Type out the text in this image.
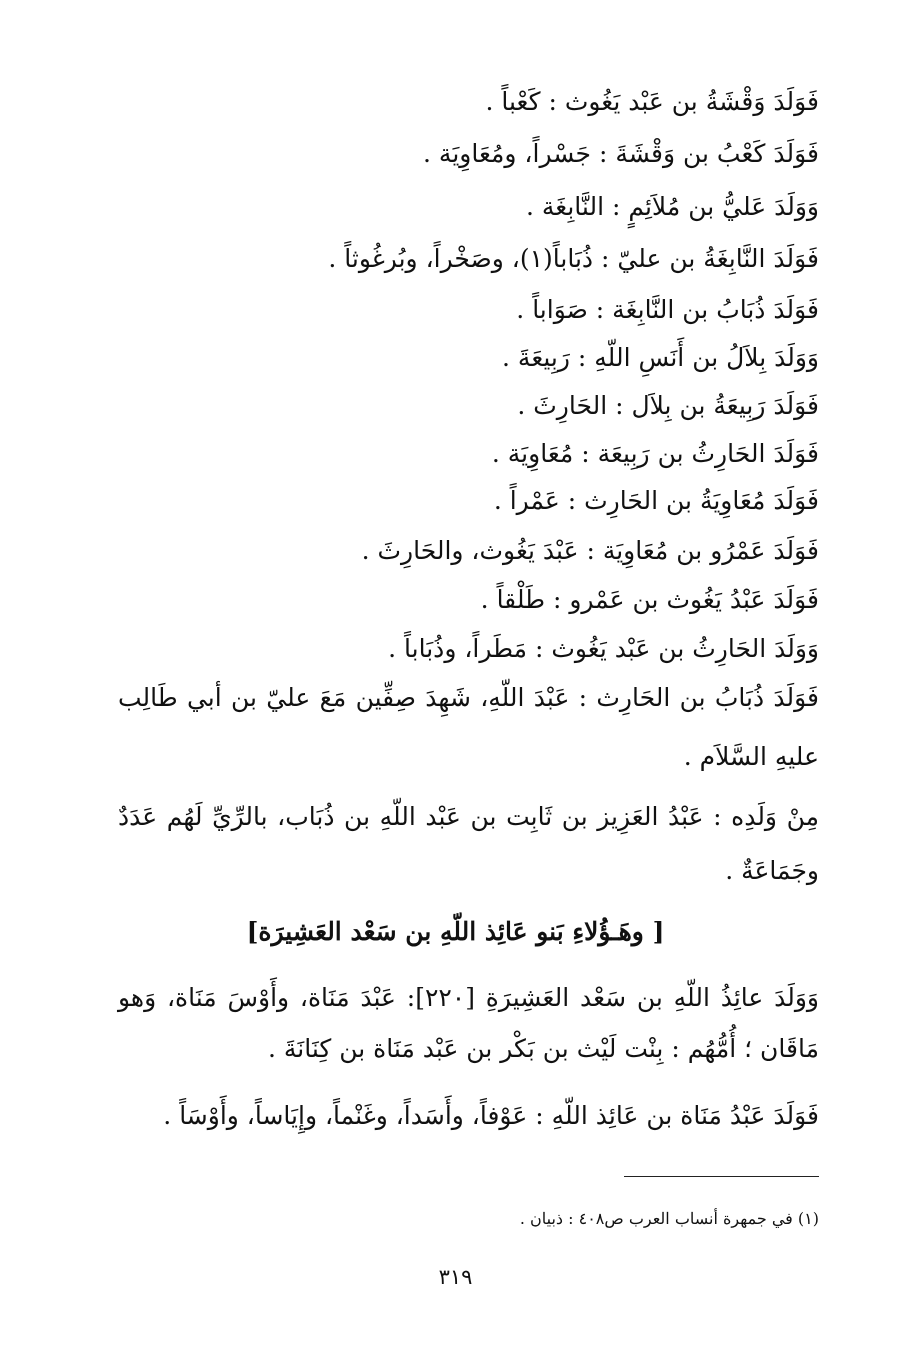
فَوَلَدَ وَقْشَةُ بن عَبْد يَغُوث : كَعْباً .
فَوَلَدَ كَعْبُ بن وَقْشَةَ : جَسْراً، ومُعَاوِيَة .
وَوَلَدَ عَليُّ بن مُلاَئِمٍ : النَّابِغَة .
فَوَلَدَ النَّابِغَةُ بن عليّ : ذُبَاباً(١)، وصَخْراً، وبُرغُوثاً .
فَوَلَدَ ذُبَابُ بن النَّابِغَة : صَوَاباً .
وَوَلَدَ بِلاَلُ بن أَنَسِ اللّهِ : رَبِيعَةَ .
فَوَلَدَ رَبِيعَةُ بن بِلاَل : الحَارِثَ .
فَوَلَدَ الحَارِثُ بن رَبِيعَة : مُعَاوِيَة .
فَوَلَدَ مُعَاوِيَةُ بن الحَارِث : عَمْراً .
فَوَلَدَ عَمْرُو بن مُعَاوِيَة : عَبْدَ يَغُوث، والحَارِثَ .
فَوَلَدَ عَبْدُ يَغُوث بن عَمْرو : طَلْقاً .
وَوَلَدَ الحَارِثُ بن عَبْد يَغُوث : مَطَراً، وذُبَاباً .
فَوَلَدَ ذُبَابُ بن الحَارِث : عَبْدَ اللّهِ، شَهِدَ صِفِّين مَعَ عليّ بن أبي طَالِب
عليهِ السَّلاَم .
مِنْ وَلَدِه : عَبْدُ العَزِيز بن ثَابِت بن عَبْد اللّهِ بن ذُبَاب، بالرِّيِّ لَهُم عَدَدٌ
وجَمَاعَةٌ .
[ وهَـؤُلاءِ بَنو عَائِذ اللّهِ بن سَعْد العَشِيرَة]
وَوَلَدَ عائِذُ اللّهِ بن سَعْد العَشِيرَةِ [٢٢٠]: عَبْدَ مَنَاة، وأَوْسَ مَنَاة، وَهو
مَاقَان ؛ أُمُّهُم : بِنْت لَيْث بن بَكْر بن عَبْد مَنَاة بن كِنَانَةَ .
فَوَلَدَ عَبْدُ مَنَاة بن عَائِذ اللّهِ : عَوْفاً، وأَسَداً، وغَنْماً، وإِيَاساً، وأَوْسَاً .
(١) في جمهرة أنساب العرب ص٤٠٨ : ذبيان .
٣١٩
